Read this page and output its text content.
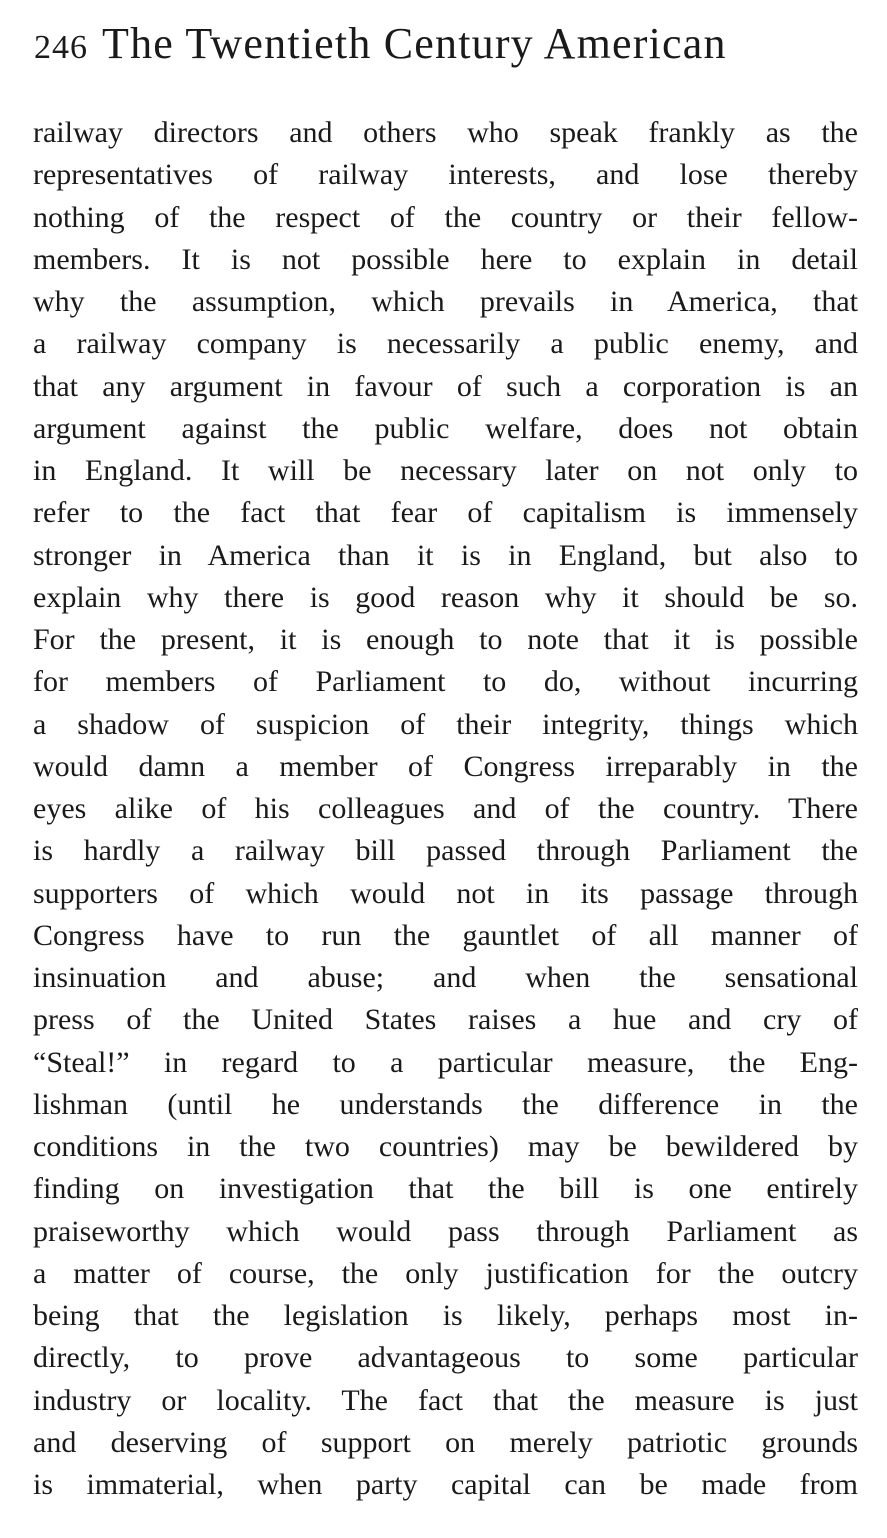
246 The Twentieth Century American
railway directors and others who speak frankly as the
representatives of railway interests, and lose thereby
nothing of the respect of the country or their fellow-
members. It is not possible here to explain in detail
why the assumption, which prevails in America, that
a railway company is necessarily a public enemy, and
that any argument in favour of such a corporation is an
argument against the public welfare, does not obtain
in England. It will be necessary later on not only to
refer to the fact that fear of capitalism is immensely
stronger in America than it is in England, but also to
explain why there is good reason why it should be so.
For the present, it is enough to note that it is possible
for members of Parliament to do, without incurring
a shadow of suspicion of their integrity, things which
would damn a member of Congress irreparably in the
eyes alike of his colleagues and of the country. There
is hardly a railway bill passed through Parliament the
supporters of which would not in its passage through
Congress have to run the gauntlet of all manner of
insinuation and abuse; and when the sensational
press of the United States raises a hue and cry of
“Steal!” in regard to a particular measure, the Eng-
lishman (until he understands the difference in the
conditions in the two countries) may be bewildered by
finding on investigation that the bill is one entirely
praiseworthy which would pass through Parliament as
a matter of course, the only justification for the outcry
being that the legislation is likely, perhaps most in-
directly, to prove advantageous to some particular
industry or locality. The fact that the measure is just
and deserving of support on merely patriotic grounds
is immaterial, when party capital can be made from
